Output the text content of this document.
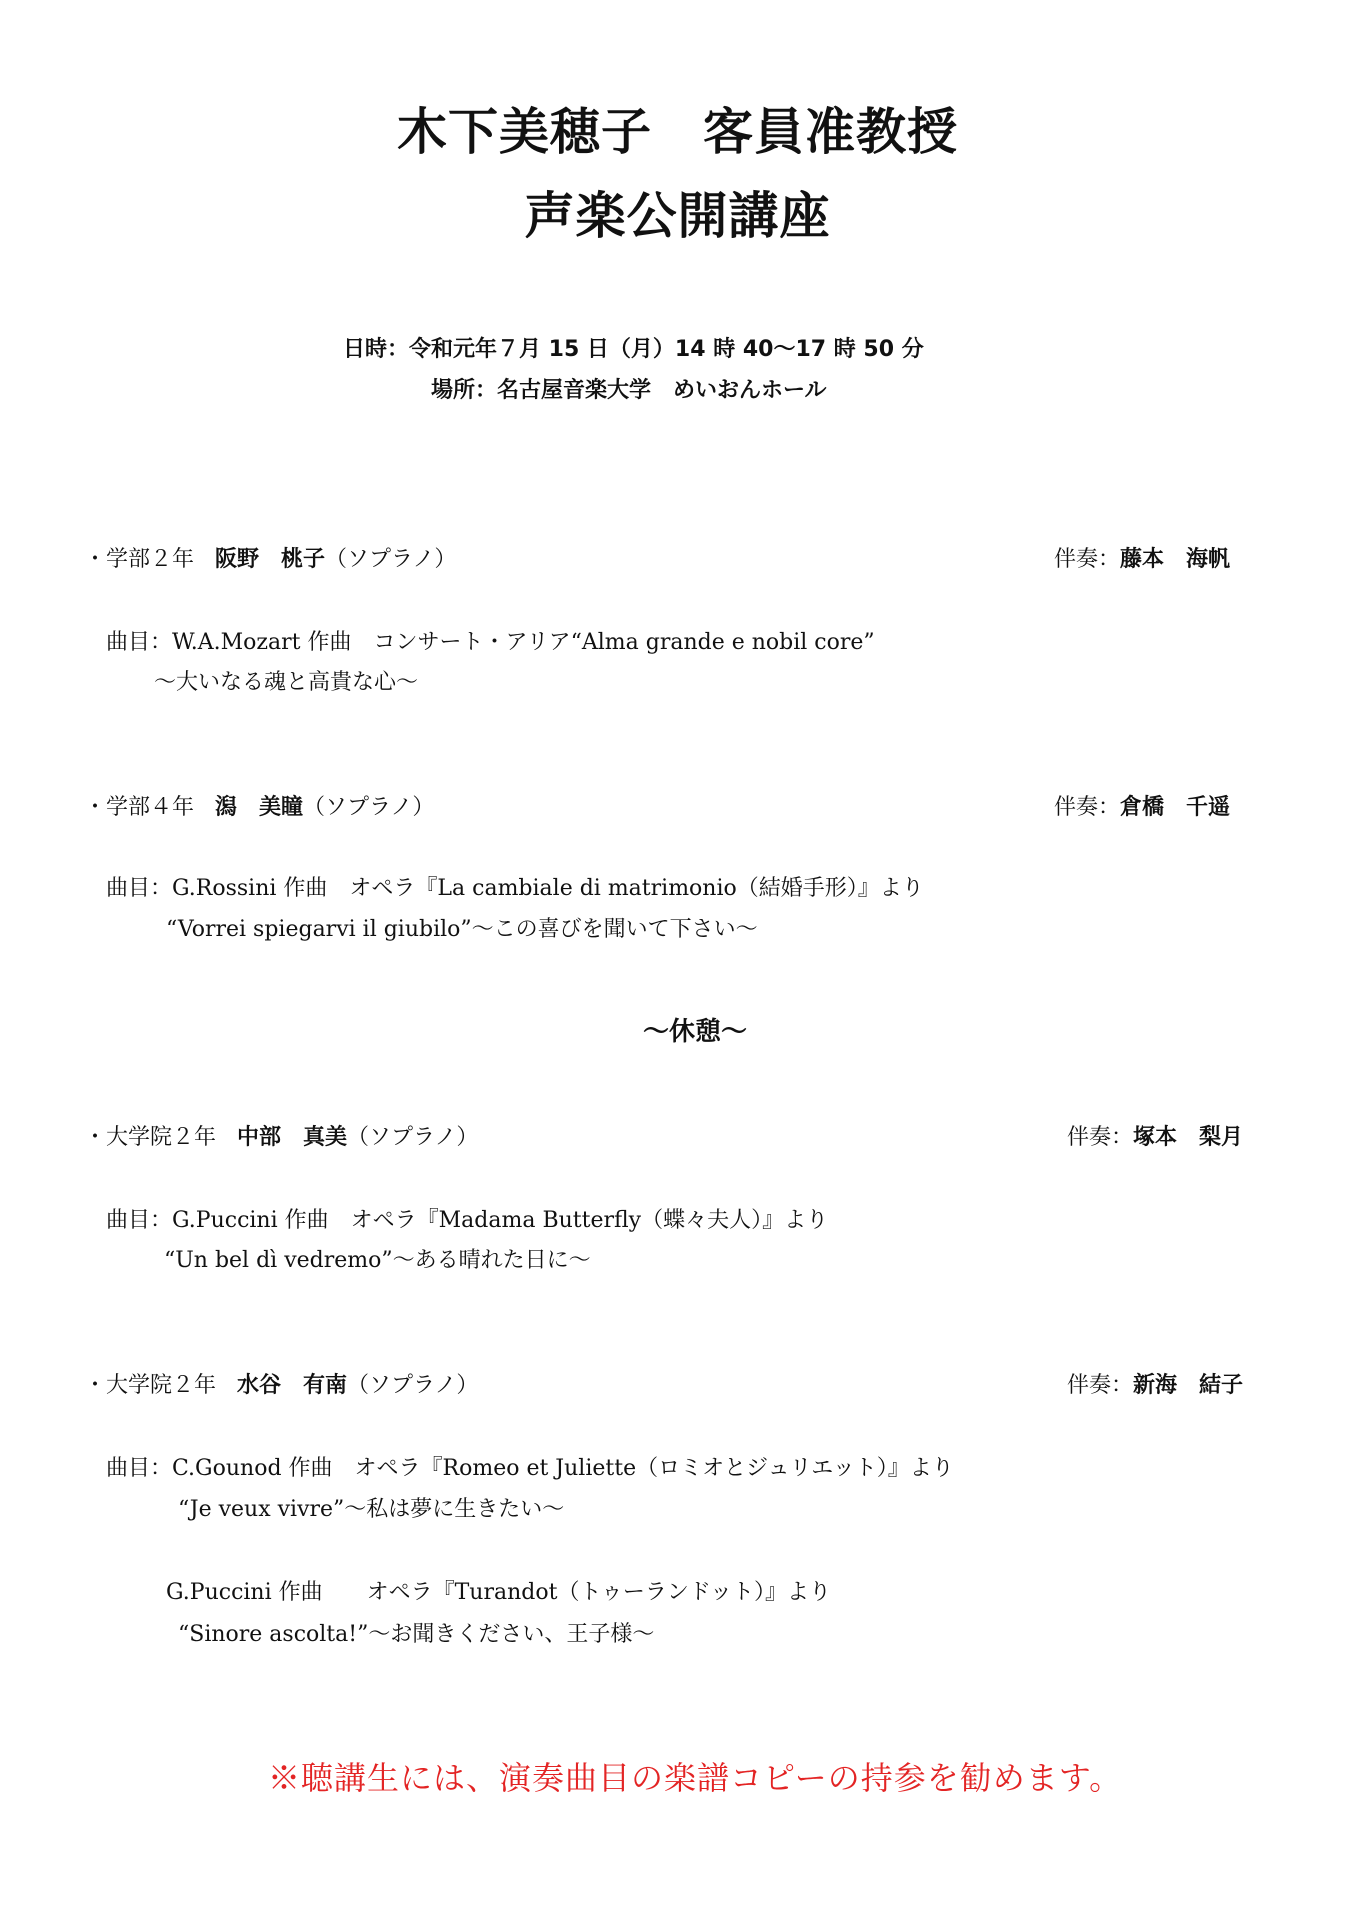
木下美穂子　客員准教授
声楽公開講座
日時：令和元年７月 15 日（月）14 時 40〜17 時 50 分
場所：名古屋音楽大学　めいおんホール
・学部２年 阪野　桃子（ソプラノ）	伴奏：藤本　海帆
曲目：W.A.Mozart 作曲　コンサート・アリア“Alma grande e nobil core”
〜大いなる魂と高貴な心〜
・学部４年 潟　美瞳（ソプラノ）	伴奏：倉橋　千遥
曲目：G.Rossini 作曲　オペラ『La cambiale di matrimonio（結婚手形）』より
“Vorrei spiegarvi il giubilo”〜この喜びを聞いて下さい〜
〜休憩〜
・大学院２年 中部　真美（ソプラノ）	伴奏：塚本　梨月
曲目：G.Puccini 作曲　オペラ『Madama Butterfly（蝶々夫人）』より
“Un bel dì vedremo”〜ある晴れた日に〜
・大学院２年 水谷　有南（ソプラノ）	伴奏：新海　結子
曲目：C.Gounod 作曲　オペラ『Romeo et Juliette（ロミオとジュリエット）』より
“Je veux vivre”〜私は夢に生きたい〜
G.Puccini 作曲　　オペラ『Turandot（トゥーランドット）』より
“Sinore ascolta!”〜お聞きください、王子様〜
※聴講生には、演奏曲目の楽譜コピーの持参を勧めます。
